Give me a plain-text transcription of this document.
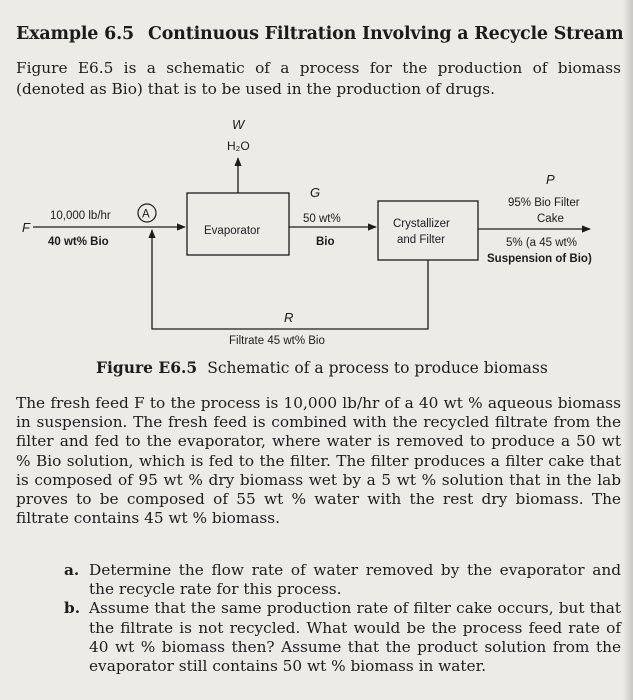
Example 6.5 Continuous Filtration Involving a Recycle Stream
Figure E6.5 is a schematic of a process for the production of biomass (denoted as Bio) that is to be used in the production of drugs.
W
H₂O
F
10,000 lb/hr
40 wt% Bio
A
Evaporator
G
50 wt%
Bio
Crystallizer
and Filter
P
95% Bio Filter
Cake
5% (a 45 wt%
Suspension of Bio)
R
Filtrate 45 wt% Bio
Figure E6.5 Schematic of a process to produce biomass
The fresh feed F to the process is 10,000 lb/hr of a 40 wt % aqueous biomass in suspension. The fresh feed is combined with the recycled filtrate from the filter and fed to the evaporator, where water is removed to produce a 50 wt % Bio solution, which is fed to the filter. The filter produces a filter cake that is composed of 95 wt % dry biomass wet by a 5 wt % solution that in the lab proves to be composed of 55 wt % water with the rest dry biomass. The filtrate contains 45 wt % biomass.
a. Determine the flow rate of water removed by the evaporator and the recycle rate for this process.
b. Assume that the same production rate of filter cake occurs, but that the filtrate is not recycled. What would be the process feed rate of 40 wt % biomass then? Assume that the product solution from the evaporator still contains 50 wt % biomass in water.
